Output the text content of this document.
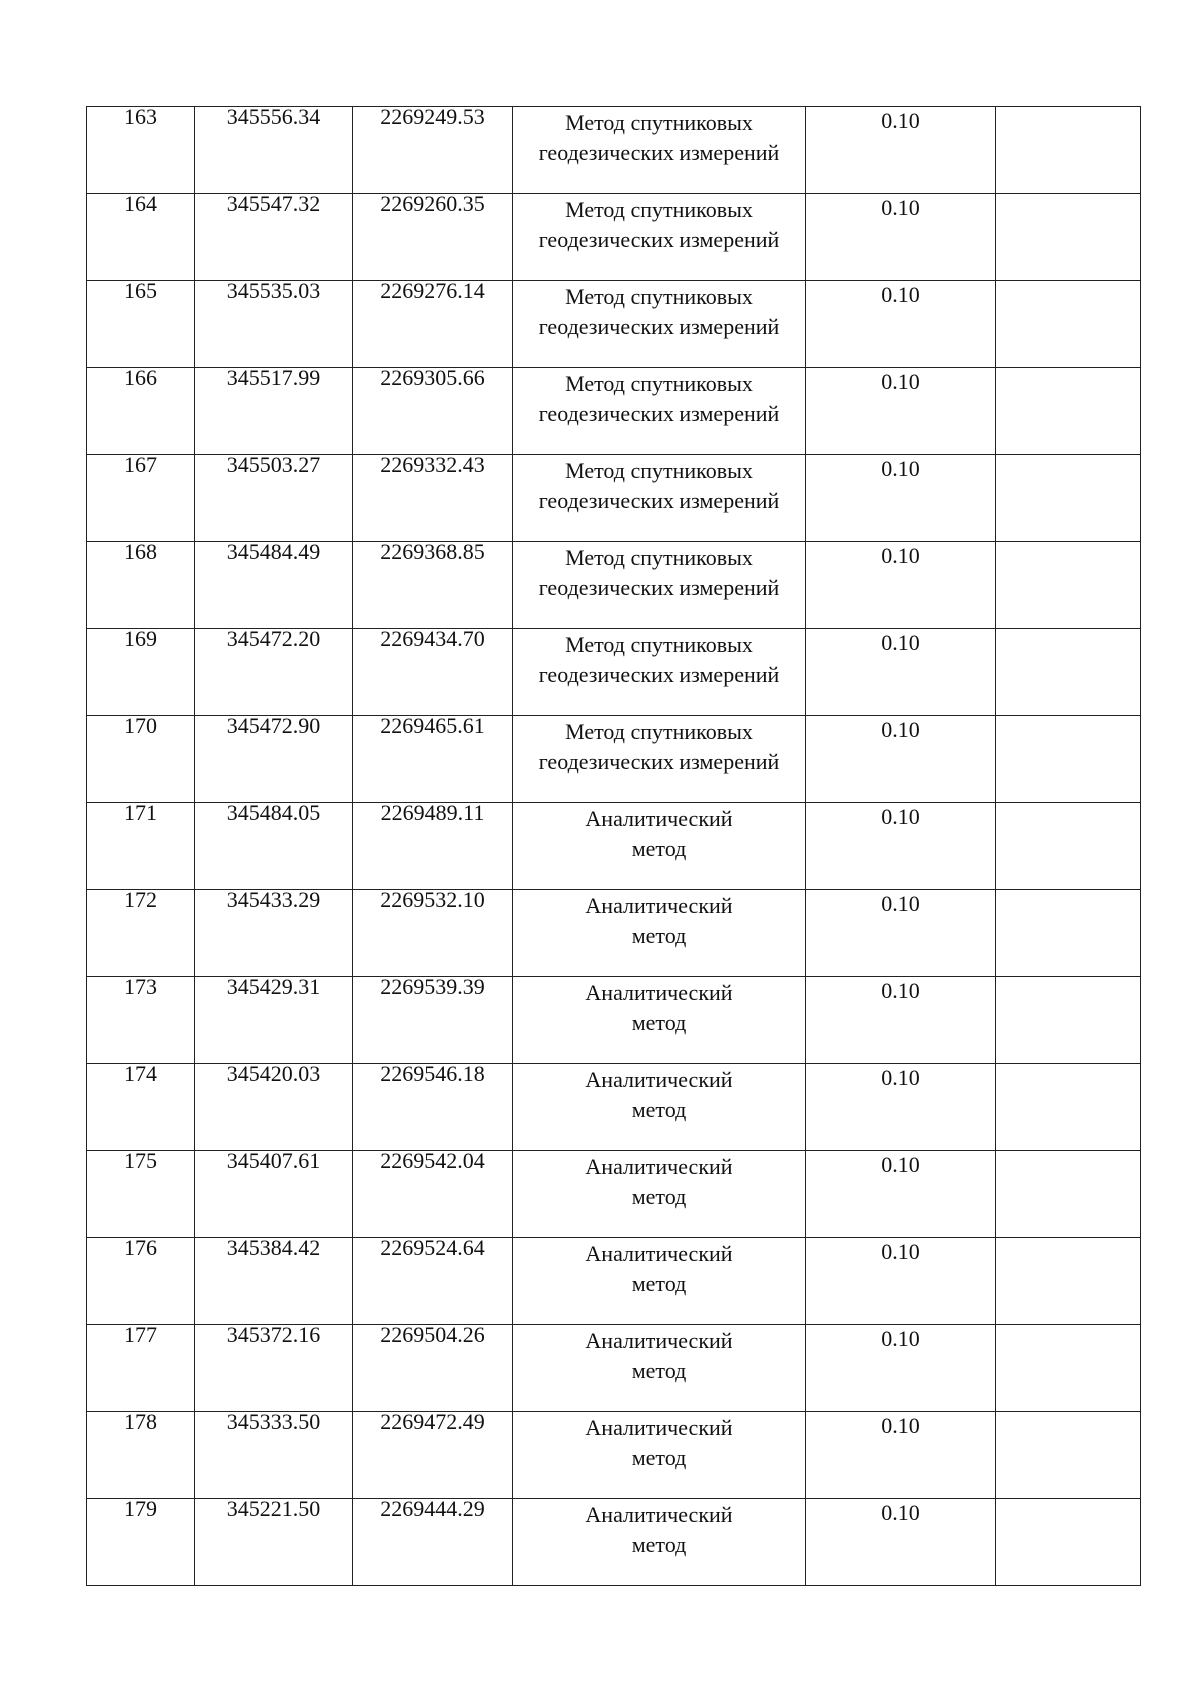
163	345556.34	2269249.53	Метод спутниковых
геодезических измерений	0.10	

164	345547.32	2269260.35	Метод спутниковых
геодезических измерений	0.10	

165	345535.03	2269276.14	Метод спутниковых
геодезических измерений	0.10	

166	345517.99	2269305.66	Метод спутниковых
геодезических измерений	0.10	

167	345503.27	2269332.43	Метод спутниковых
геодезических измерений	0.10	

168	345484.49	2269368.85	Метод спутниковых
геодезических измерений	0.10	

169	345472.20	2269434.70	Метод спутниковых
геодезических измерений	0.10	

170	345472.90	2269465.61	Метод спутниковых
геодезических измерений	0.10	

171	345484.05	2269489.11	Аналитический
метод	0.10	

172	345433.29	2269532.10	Аналитический
метод	0.10	

173	345429.31	2269539.39	Аналитический
метод	0.10	

174	345420.03	2269546.18	Аналитический
метод	0.10	

175	345407.61	2269542.04	Аналитический
метод	0.10	

176	345384.42	2269524.64	Аналитический
метод	0.10	

177	345372.16	2269504.26	Аналитический
метод	0.10	

178	345333.50	2269472.49	Аналитический
метод	0.10	

179	345221.50	2269444.29	Аналитический
метод	0.10	
